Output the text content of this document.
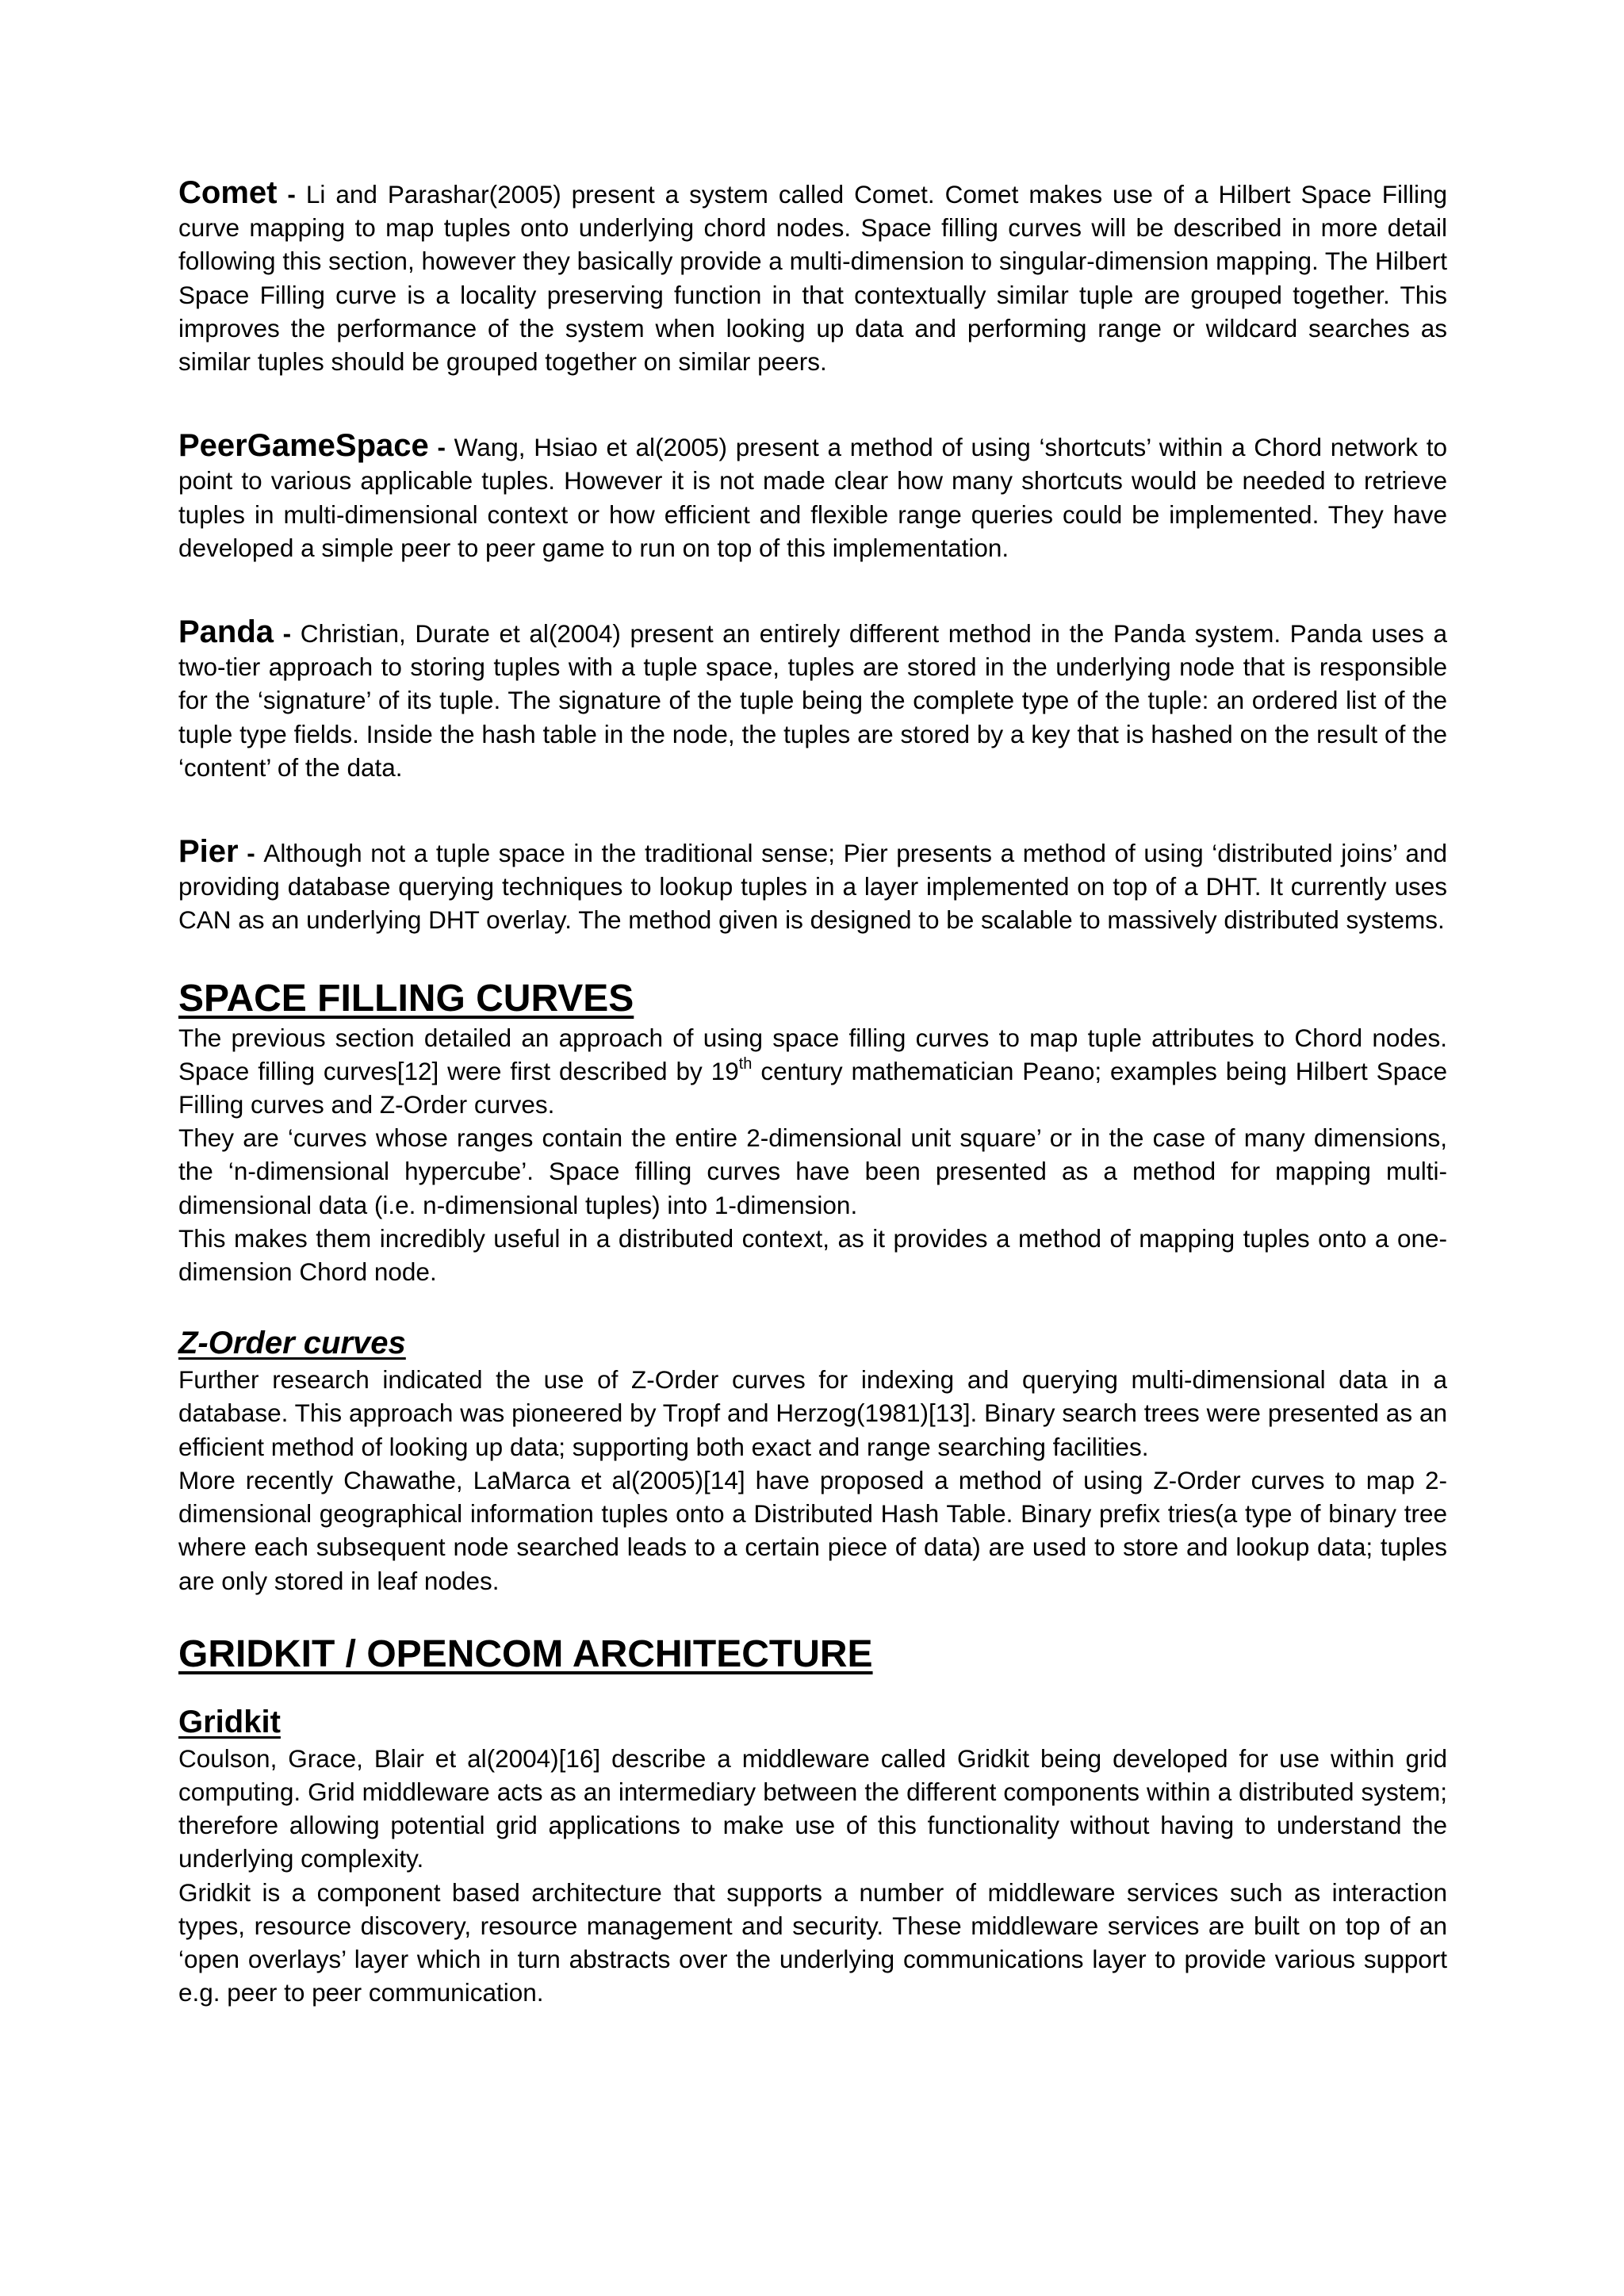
Comet - Li and Parashar(2005) present a system called Comet. Comet makes use of a Hilbert Space Filling curve mapping to map tuples onto underlying chord nodes. Space filling curves will be described in more detail following this section, however they basically provide a multi-dimension to singular-dimension mapping. The Hilbert Space Filling curve is a locality preserving function in that contextually similar tuple are grouped together. This improves the performance of the system when looking up data and performing range or wildcard searches as similar tuples should be grouped together on similar peers.

PeerGameSpace - Wang, Hsiao et al(2005) present a method of using ‘shortcuts’ within a Chord network to point to various applicable tuples. However it is not made clear how many shortcuts would be needed to retrieve tuples in multi-dimensional context or how efficient and flexible range queries could be implemented. They have developed a simple peer to peer game to run on top of this implementation.

Panda - Christian, Durate et al(2004) present an entirely different method in the Panda system. Panda uses a two-tier approach to storing tuples with a tuple space, tuples are stored in the underlying node that is responsible for the ‘signature’ of its tuple. The signature of the tuple being the complete type of the tuple: an ordered list of the tuple type fields. Inside the hash table in the node, the tuples are stored by a key that is hashed on the result of the ‘content’ of the data.

Pier - Although not a tuple space in the traditional sense; Pier presents a method of using ‘distributed joins’ and providing database querying techniques to lookup tuples in a layer implemented on top of a DHT. It currently uses CAN as an underlying DHT overlay. The method given is designed to be scalable to massively distributed systems.

SPACE FILLING CURVES

The previous section detailed an approach of using space filling curves to map tuple attributes to Chord nodes. Space filling curves[12] were first described by 19th century mathematician Peano; examples being Hilbert Space Filling curves and Z-Order curves.

They are ‘curves whose ranges contain the entire 2-dimensional unit square’ or in the case of many dimensions, the ‘n-dimensional hypercube’. Space filling curves have been presented as a method for mapping multi-dimensional data (i.e. n-dimensional tuples) into 1-dimension.

This makes them incredibly useful in a distributed context, as it provides a method of mapping tuples onto a one-dimension Chord node.

Z-Order curves

Further research indicated the use of Z-Order curves for indexing and querying multi-dimensional data in a database. This approach was pioneered by Tropf and Herzog(1981)[13]. Binary search trees were presented as an efficient method of looking up data; supporting both exact and range searching facilities.

More recently Chawathe, LaMarca et al(2005)[14] have proposed a method of using Z-Order curves to map 2-dimensional geographical information tuples onto a Distributed Hash Table. Binary prefix tries(a type of binary tree where each subsequent node searched leads to a certain piece of data) are used to store and lookup data; tuples are only stored in leaf nodes.

GRIDKIT / OPENCOM ARCHITECTURE
Gridkit

Coulson, Grace, Blair et al(2004)[16] describe a middleware called Gridkit being developed for use within grid computing. Grid middleware acts as an intermediary between the different components within a distributed system; therefore allowing potential grid applications to make use of this functionality without having to understand the underlying complexity.

Gridkit is a component based architecture that supports a number of middleware services such as interaction types, resource discovery, resource management and security. These middleware services are built on top of an ‘open overlays’ layer which in turn abstracts over the underlying communications layer to provide various support e.g. peer to peer communication.
